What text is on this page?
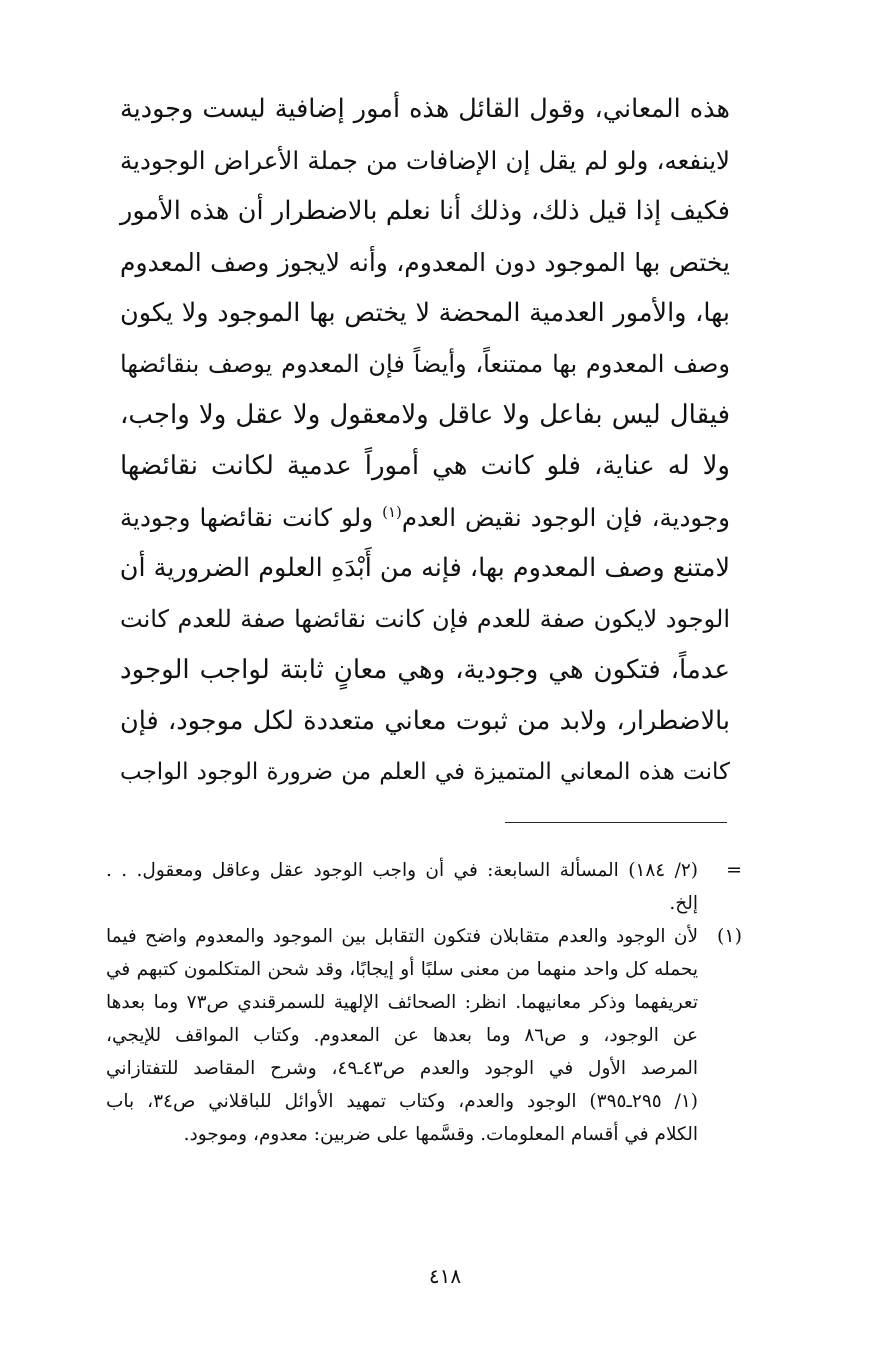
هذه المعاني، وقول القائل هذه أمور إضافية ليست وجودية
لاينفعه، ولو لم يقل إن الإضافات من جملة الأعراض الوجودية
فكيف إذا قيل ذلك، وذلك أنا نعلم بالاضطرار أن هذه الأمور
يختص بها الموجود دون المعدوم، وأنه لايجوز وصف المعدوم
بها، والأمور العدمية المحضة لا يختص بها الموجود ولا يكون
وصف المعدوم بها ممتنعاً، وأيضاً فإن المعدوم يوصف بنقائضها
فيقال ليس بفاعل ولا عاقل ولامعقول ولا عقل ولا واجب،
ولا له عناية، فلو كانت هي أموراً عدمية لكانت نقائضها
وجودية، فإن الوجود نقيض العدم$^{(١)}$ ولو كانت نقائضها وجودية
لامتنع وصف المعدوم بها، فإنه من أَبْدَهِ العلوم الضرورية أن
الوجود لايكون صفة للعدم فإن كانت نقائضها صفة للعدم كانت
عدماً، فتكون هي وجودية، وهي معانٍ ثابتة لواجب الوجود
بالاضطرار، ولابد من ثبوت معاني متعددة لكل موجود، فإن
كانت هذه المعاني المتميزة في العلم من ضرورة الوجود الواجب
=
(٢/ ١٨٤) المسألة السابعة: في أن واجب الوجود عقل وعاقل ومعقول. . .
إلخ.
(١)
لأن الوجود والعدم متقابلان فتكون التقابل بين الموجود والمعدوم واضح فيما
يحمله كل واحد منهما من معنى سلبًا أو إيجابًا، وقد شحن المتكلمون كتبهم في
تعريفهما وذكر معانيهما. انظر: الصحائف الإلهية للسمرقندي ص٧٣ وما بعدها
عن الوجود، و ص٨٦ وما بعدها عن المعدوم. وكتاب المواقف للإيجي،
المرصد الأول في الوجود والعدم ص٤٣ـ٤٩، وشرح المقاصد للتفتازاني
(١/ ٢٩٥ـ٣٩٥) الوجود والعدم، وكتاب تمهيد الأوائل للباقلاني ص٣٤، باب
الكلام في أقسام المعلومات. وقسَّمها على ضربين: معدوم، وموجود.
٤١٨
